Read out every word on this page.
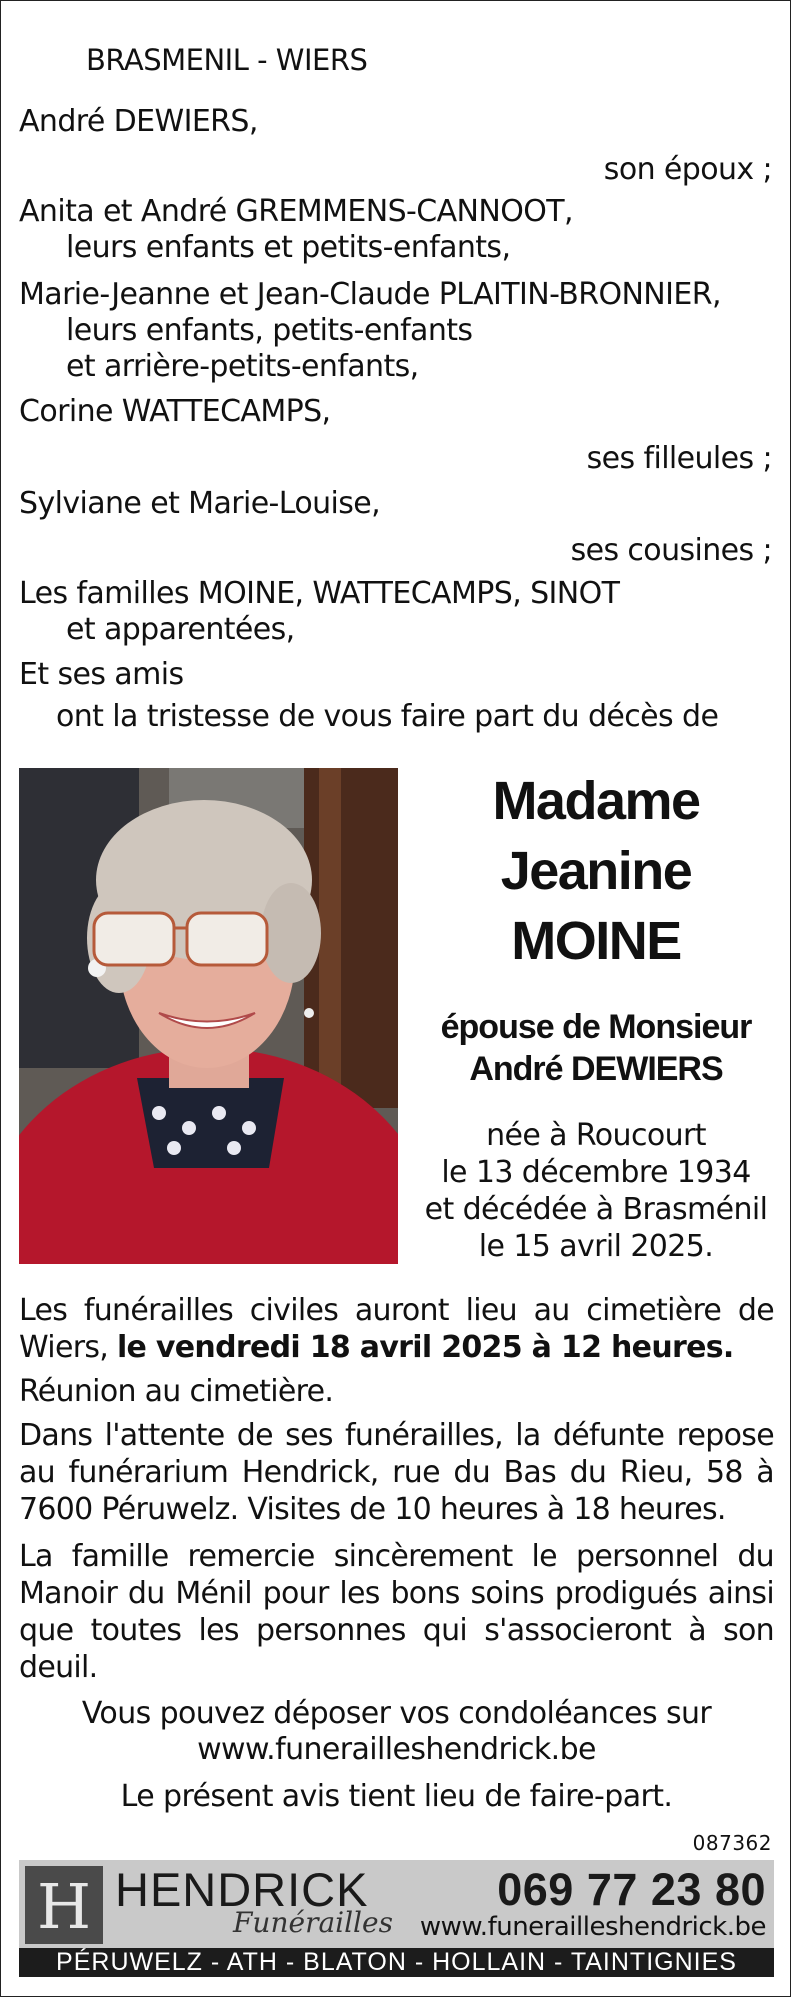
BRASMENIL - WIERS
André DEWIERS,
son époux ;
Anita et André GREMMENS-CANNOOT,
leurs enfants et petits-enfants,
Marie-Jeanne et Jean-Claude PLAITIN-BRONNIER,
leurs enfants, petits-enfants
et arrière-petits-enfants,
Corine WATTECAMPS,
ses filleules ;
Sylviane et Marie-Louise,
ses cousines ;
Les familles MOINE, WATTECAMPS, SINOT
et apparentées,
Et ses amis
ont la tristesse de vous faire part du décès de
Madame
Jeanine
MOINE
épouse de Monsieur
André DEWIERS
née à Roucourt
le 13 décembre 1934
et décédée à Brasménil
le 15 avril 2025.
Les funérailles civiles auront lieu au cimetière de Wiers, le vendredi 18 avril 2025 à 12 heures.
Réunion au cimetière.
Dans l'attente de ses funérailles, la défunte repose au funérarium Hendrick, rue du Bas du Rieu, 58 à 7600 Péruwelz. Visites de 10 heures à 18 heures.
La famille remercie sincèrement le personnel du Manoir du Ménil pour les bons soins prodigués ainsi que toutes les personnes qui s'associeront à son deuil.
Vous pouvez déposer vos condoléances sur
www.funerailleshendrick.be
Le présent avis tient lieu de faire-part.
087362
H HENDRICK
Funérailles
069 77 23 80
www.funerailleshendrick.be
PÉRUWELZ - ATH - BLATON - HOLLAIN - TAINTIGNIES
